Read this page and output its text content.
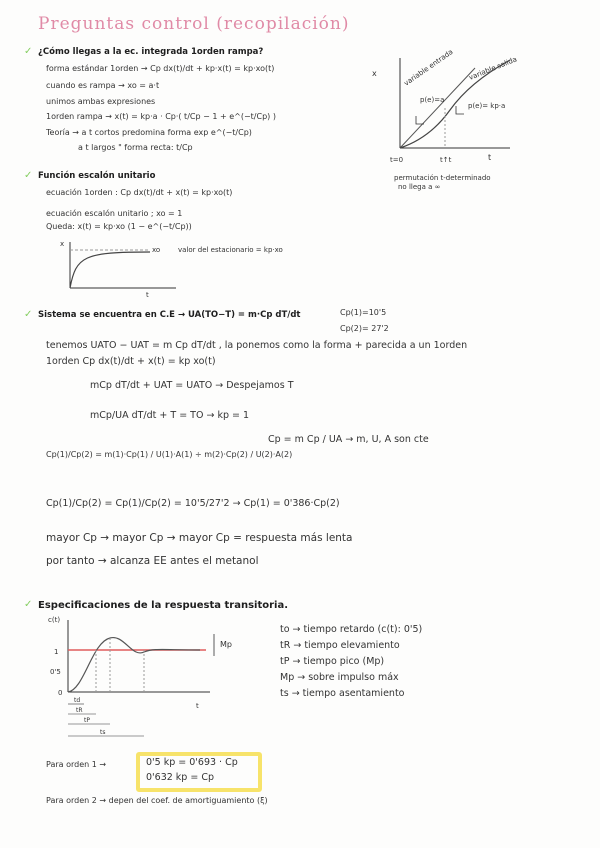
Preguntas control (recopilación)
✓ ¿Cómo llegas a la ec. integrada 1orden rampa?
forma estándar 1orden → Cp dx(t)/dt + kp·x(t) = kp·xo(t)
cuando es rampa → xo = a·t
unimos ambas expresiones
1orden rampa → x(t) = kp·a · Cp·( t/Cp − 1 + e^(−t/Cp) )
Teoría → a t cortos predomina forma exp e^(−t/Cp)
a t largos " forma recta: t/Cp
x
t
variable entrada variable salida
p(e)=a
p(e)= kp·a
t=0	t↑t
permutación t-determinado
no llega a ∞
✓ Función escalón unitario
ecuación 1orden : Cp dx(t)/dt + x(t) = kp·xo(t)
ecuación escalón unitario ; xo = 1
Queda: x(t) = kp·xo (1 − e^(−t/Cp))
x
t
xo	valor del estacionario = kp·xo
✓ Sistema se encuentra en C.E → UA(TO−T) = m·Cp dT/dt	Cp(1)=10'5
Cp(2)= 27'2
tenemos UATO − UAT = m Cp dT/dt , la ponemos como la forma + parecida a un 1orden
1orden Cp dx(t)/dt + x(t) = kp xo(t)
mCp dT/dt + UAT = UATO → Despejamos T
mCp/UA dT/dt + T = TO → kp = 1
Cp = m Cp / UA → m, U, A son cte
Cp(1)/Cp(2) = m(1)·Cp(1) / U(1)·A(1) ÷ m(2)·Cp(2) / U(2)·A(2)
Cp(1)/Cp(2) = Cp(1)/Cp(2) = 10'5/27'2 → Cp(1) = 0'386·Cp(2)
mayor Cp → mayor Cp → mayor Cp = respuesta más lenta
por tanto → alcanza EE antes el metanol
✓ Especificaciones de la respuesta transitoria.
c(t)
1
0'5
0
t
Mp
td
tR
tP
ts
to → tiempo retardo (c(t): 0'5)
tR → tiempo elevamiento
tP → tiempo pico (Mp)
Mp → sobre impulso máx
ts → tiempo asentamiento
Para orden 1 →	0'5 kp = 0'693 · Cp
0'632 kp = Cp
Para orden 2 → depen del coef. de amortiguamiento (ξ)
